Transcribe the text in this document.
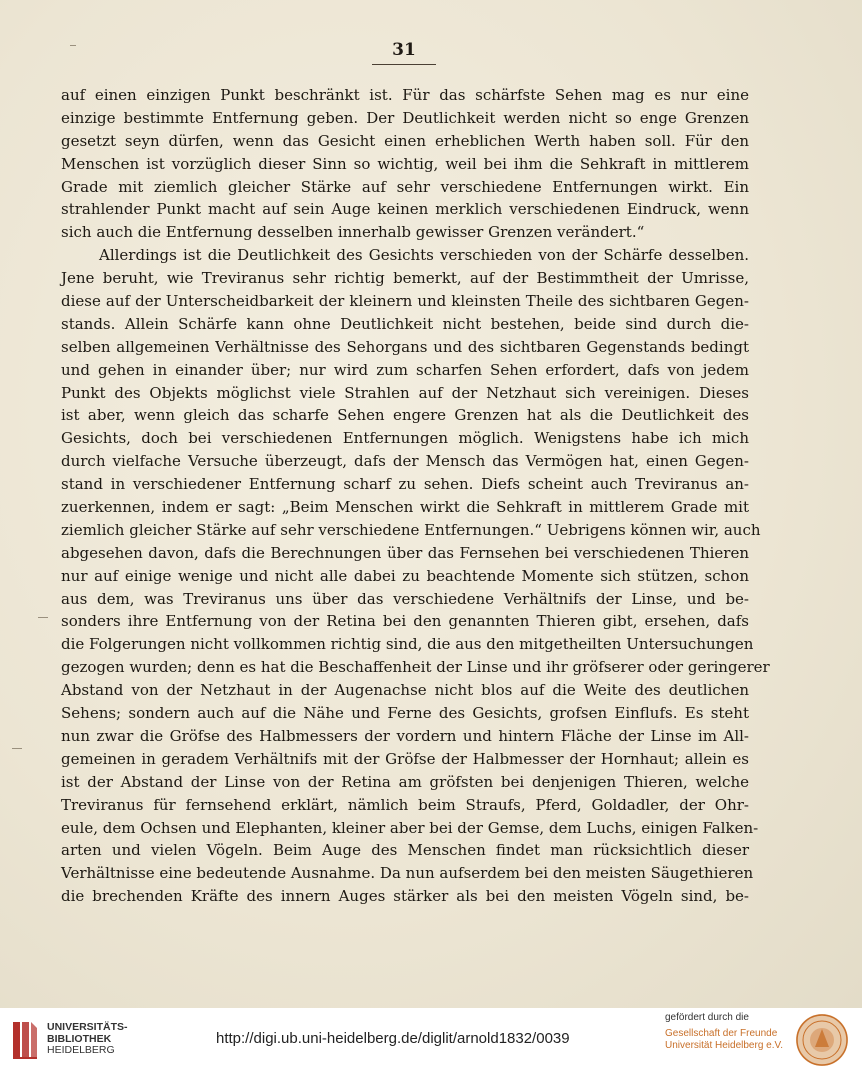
31
auf einen einzigen Punkt beschränkt ist. Für das schärfste Sehen mag es nur eine
einzige bestimmte Entfernung geben. Der Deutlichkeit werden nicht so enge Grenzen
gesetzt seyn dürfen, wenn das Gesicht einen erheblichen Werth haben soll. Für den
Menschen ist vorzüglich dieser Sinn so wichtig, weil bei ihm die Sehkraft in mittlerem
Grade mit ziemlich gleicher Stärke auf sehr verschiedene Entfernungen wirkt. Ein
strahlender Punkt macht auf sein Auge keinen merklich verschiedenen Eindruck, wenn
sich auch die Entfernung desselben innerhalb gewisser Grenzen verändert.“
Allerdings ist die Deutlichkeit des Gesichts verschieden von der Schärfe desselben.
Jene beruht, wie Treviranus sehr richtig bemerkt, auf der Bestimmtheit der Umrisse,
diese auf der Unterscheidbarkeit der kleinern und kleinsten Theile des sichtbaren Gegen-
stands. Allein Schärfe kann ohne Deutlichkeit nicht bestehen, beide sind durch die-
selben allgemeinen Verhältnisse des Sehorgans und des sichtbaren Gegenstands bedingt
und gehen in einander über; nur wird zum scharfen Sehen erfordert, dafs von jedem
Punkt des Objekts möglichst viele Strahlen auf der Netzhaut sich vereinigen. Dieses
ist aber, wenn gleich das scharfe Sehen engere Grenzen hat als die Deutlichkeit des
Gesichts, doch bei verschiedenen Entfernungen möglich. Wenigstens habe ich mich
durch vielfache Versuche überzeugt, dafs der Mensch das Vermögen hat, einen Gegen-
stand in verschiedener Entfernung scharf zu sehen. Diefs scheint auch Treviranus an-
zuerkennen, indem er sagt: „Beim Menschen wirkt die Sehkraft in mittlerem Grade mit
ziemlich gleicher Stärke auf sehr verschiedene Entfernungen.“ Uebrigens können wir, auch
abgesehen davon, dafs die Berechnungen über das Fernsehen bei verschiedenen Thieren
nur auf einige wenige und nicht alle dabei zu beachtende Momente sich stützen, schon
aus dem, was Treviranus uns über das verschiedene Verhältnifs der Linse, und be-
sonders ihre Entfernung von der Retina bei den genannten Thieren gibt, ersehen, dafs
die Folgerungen nicht vollkommen richtig sind, die aus den mitgetheilten Untersuchungen
gezogen wurden; denn es hat die Beschaffenheit der Linse und ihr gröfserer oder geringerer
Abstand von der Netzhaut in der Augenachse nicht blos auf die Weite des deutlichen
Sehens; sondern auch auf die Nähe und Ferne des Gesichts, grofsen Einflufs. Es steht
nun zwar die Gröfse des Halbmessers der vordern und hintern Fläche der Linse im All-
gemeinen in geradem Verhältnifs mit der Gröfse der Halbmesser der Hornhaut; allein es
ist der Abstand der Linse von der Retina am gröfsten bei denjenigen Thieren, welche
Treviranus für fernsehend erklärt, nämlich beim Straufs, Pferd, Goldadler, der Ohr-
eule, dem Ochsen und Elephanten, kleiner aber bei der Gemse, dem Luchs, einigen Falken-
arten und vielen Vögeln. Beim Auge des Menschen findet man rücksichtlich dieser
Verhältnisse eine bedeutende Ausnahme. Da nun aufserdem bei den meisten Säugethieren
die brechenden Kräfte des innern Auges stärker als bei den meisten Vögeln sind, be-
UNIVERSITÄTS-
BIBLIOTHEK
HEIDELBERG
http://digi.ub.uni-heidelberg.de/diglit/arnold1832/0039
gefördert durch die
Gesellschaft der Freunde
Universität Heidelberg e.V.
